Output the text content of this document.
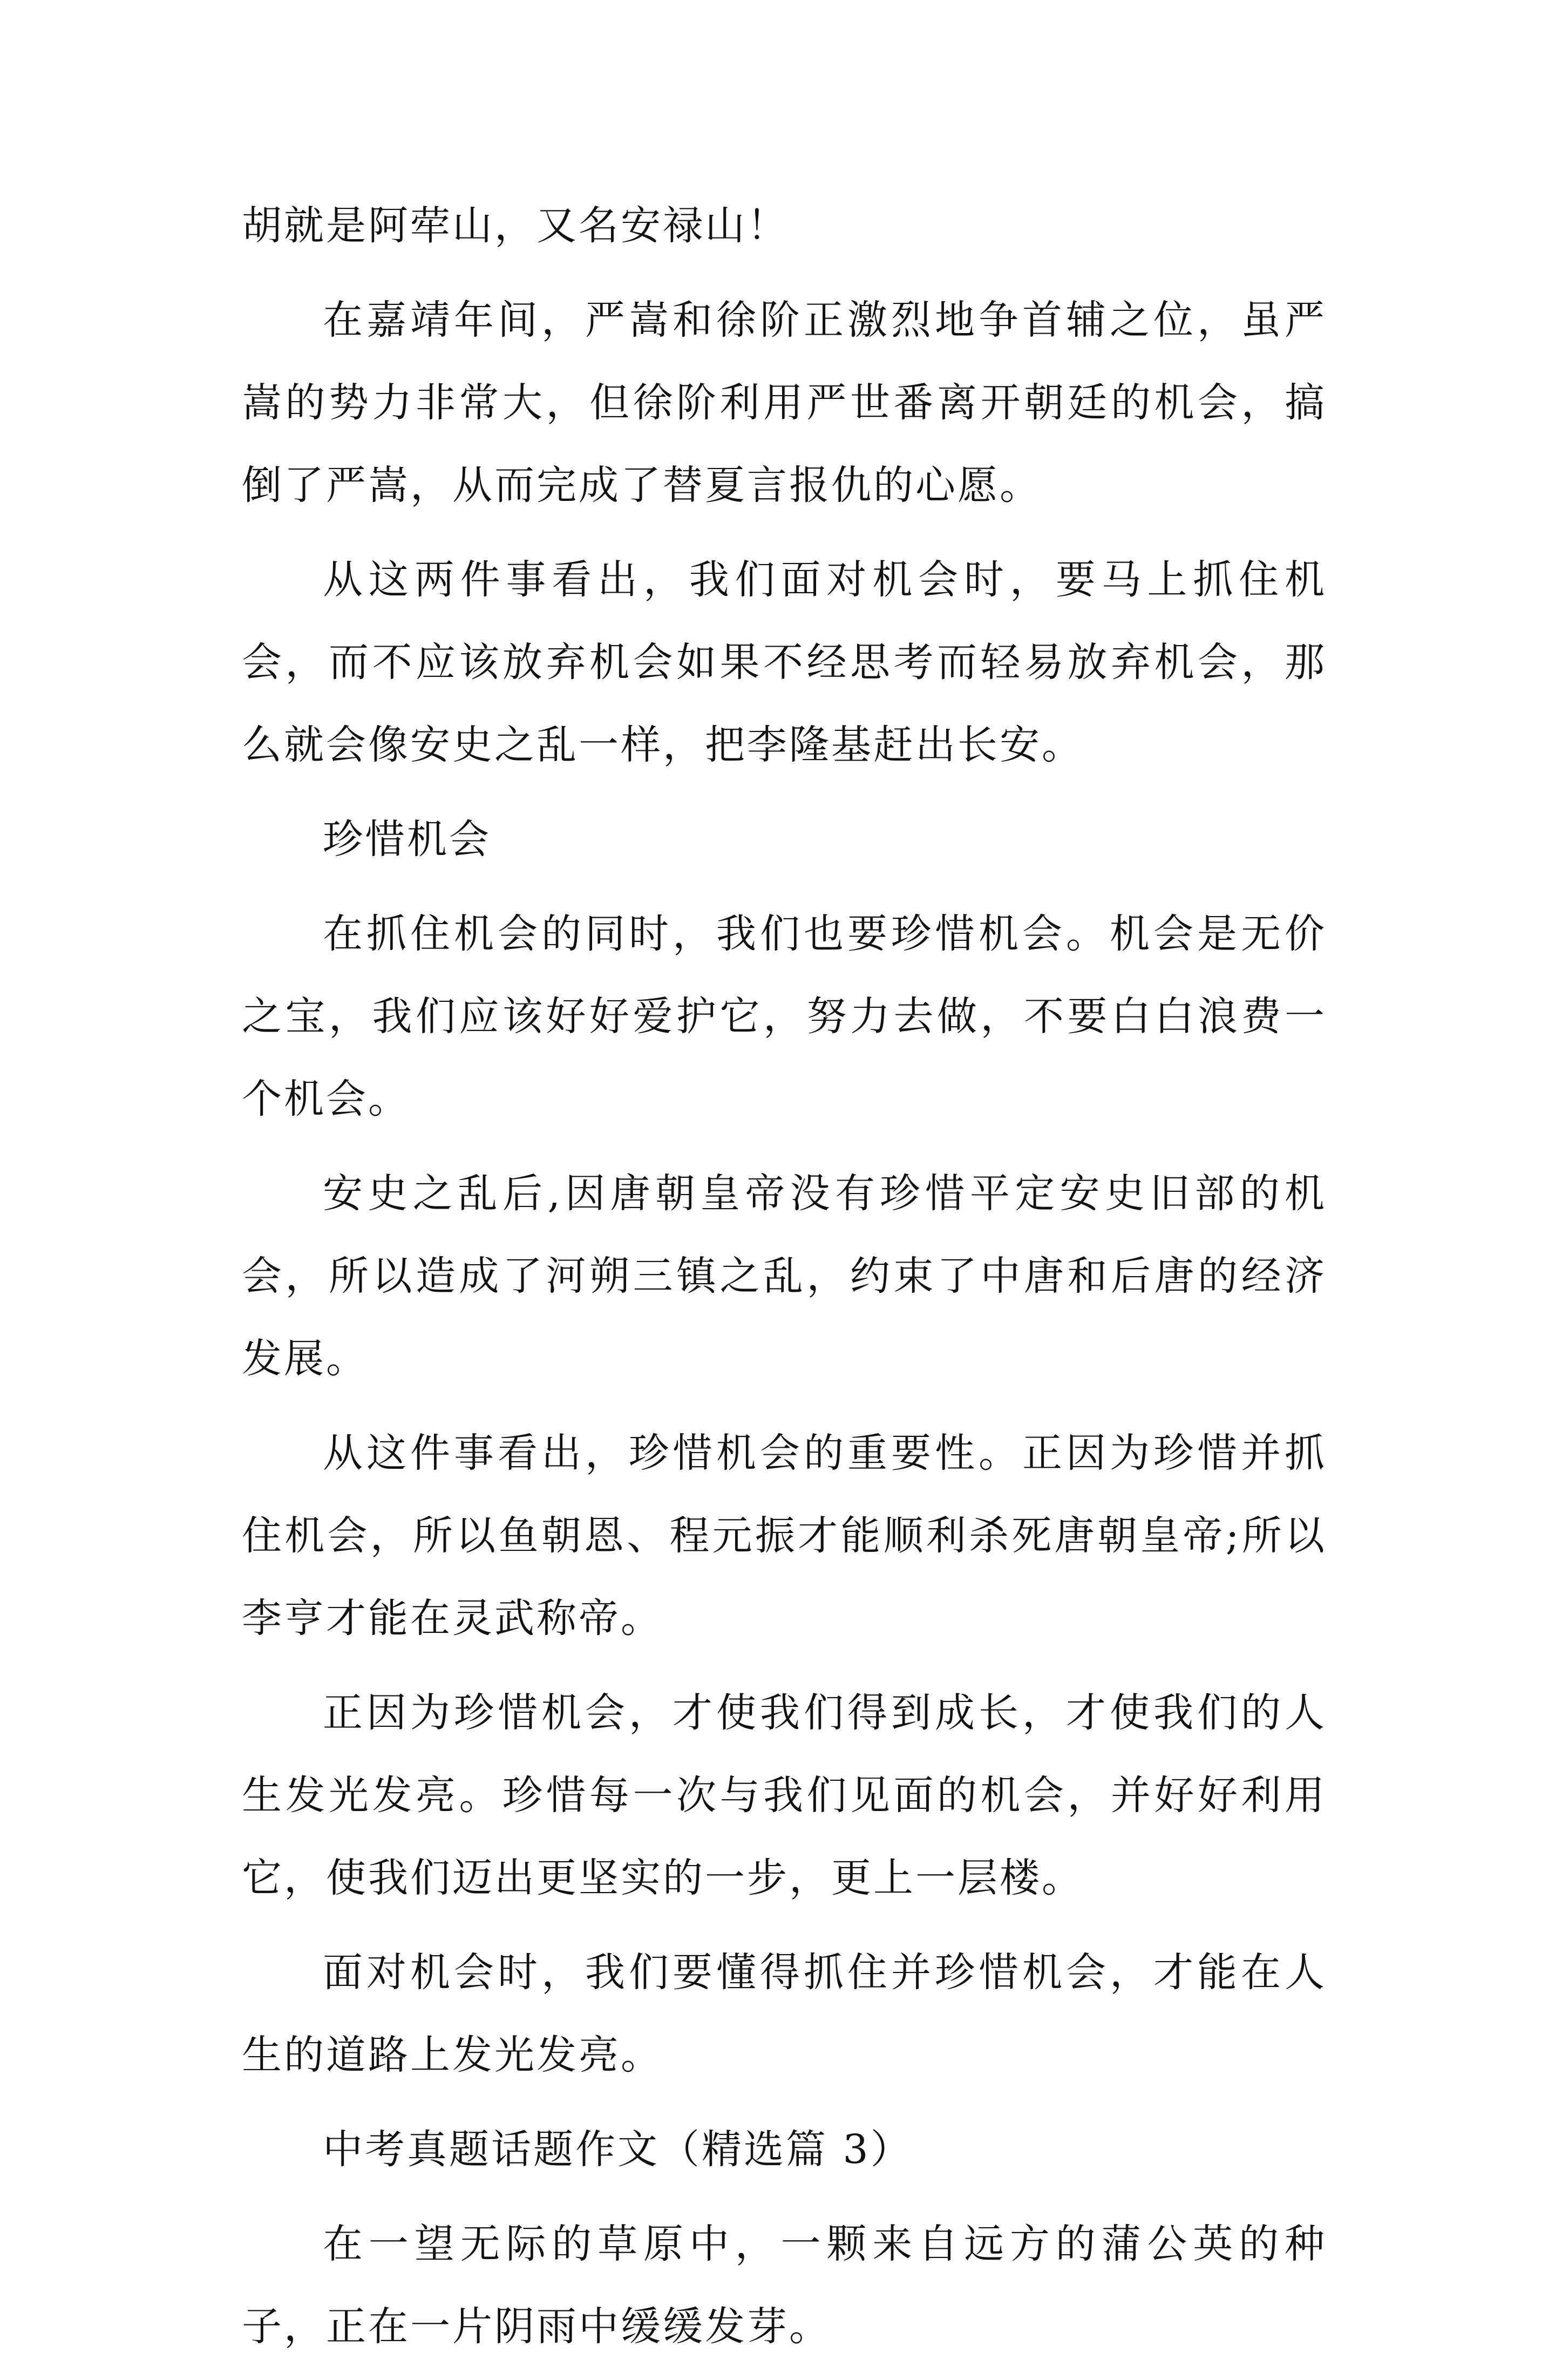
胡就是阿荦山，又名安禄山！

在嘉靖年间，严嵩和徐阶正激烈地争首辅之位，虽严嵩的势力非常大，但徐阶利用严世番离开朝廷的机会，搞倒了严嵩，从而完成了替夏言报仇的心愿。

从这两件事看出，我们面对机会时，要马上抓住机会，而不应该放弃机会如果不经思考而轻易放弃机会，那么就会像安史之乱一样，把李隆基赶出长安。

珍惜机会

在抓住机会的同时，我们也要珍惜机会。机会是无价之宝，我们应该好好爱护它，努力去做，不要白白浪费一个机会。

安史之乱后,因唐朝皇帝没有珍惜平定安史旧部的机会，所以造成了河朔三镇之乱，约束了中唐和后唐的经济发展。

从这件事看出，珍惜机会的重要性。正因为珍惜并抓住机会，所以鱼朝恩、程元振才能顺利杀死唐朝皇帝;所以李亨才能在灵武称帝。

正因为珍惜机会，才使我们得到成长，才使我们的人生发光发亮。珍惜每一次与我们见面的机会，并好好利用它，使我们迈出更坚实的一步，更上一层楼。

面对机会时，我们要懂得抓住并珍惜机会，才能在人生的道路上发光发亮。

中考真题话题作文（精选篇 3）

在一望无际的草原中，一颗来自远方的蒲公英的种子，正在一片阴雨中缓缓发芽。
